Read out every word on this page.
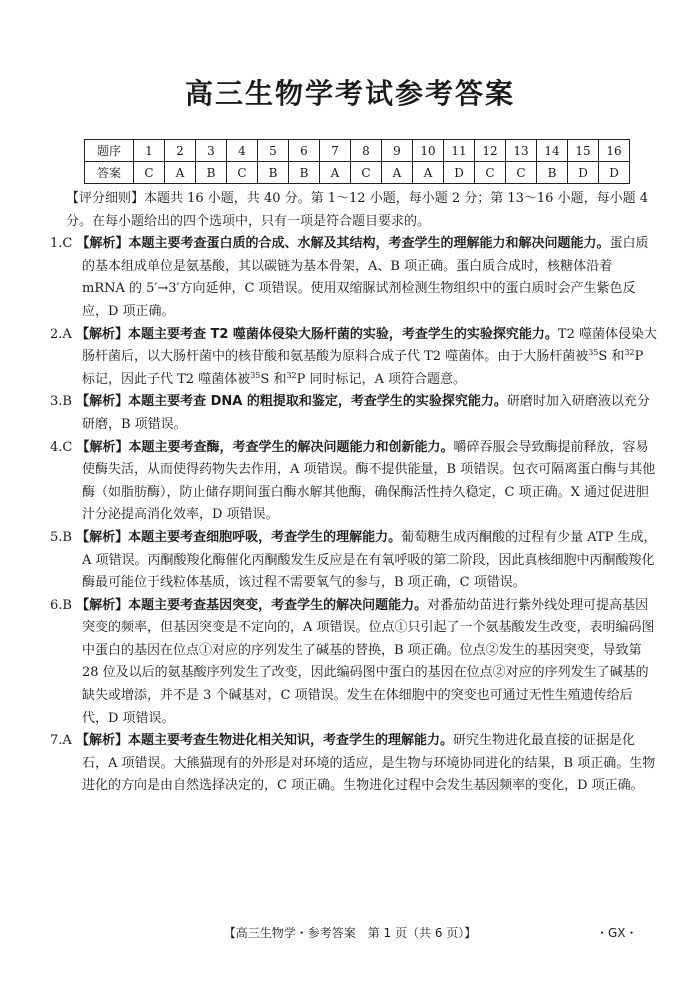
高三生物学考试参考答案
题序	1	2	3	4	5	6	7	8	9	10	11	12	13	14	15	16
答案	C	A	B	C	B	B	A	C	A	A	D	C	C	B	D	D

【评分细则】本题共 16 小题，共 40 分。第 1～12 小题，每小题 2 分；第 13～16 小题，每小题 4 分。在每小题给出的四个选项中，只有一项是符合题目要求的。

1.C 【解析】本题主要考查蛋白质的合成、水解及其结构，考查学生的理解能力和解决问题能力。蛋白质的基本组成单位是氨基酸，其以碳链为基本骨架，A、B 项正确。蛋白质合成时，核糖体沿着 mRNA 的 5′→3′方向延伸，C 项错误。使用双缩脲试剂检测生物组织中的蛋白质时会产生紫色反应，D 项正确。

2.A 【解析】本题主要考查 T2 噬菌体侵染大肠杆菌的实验，考查学生的实验探究能力。T2 噬菌体侵染大肠杆菌后，以大肠杆菌中的核苷酸和氨基酸为原料合成子代 T2 噬菌体。由于大肠杆菌被$^{35}$S 和$^{32}$P 标记，因此子代 T2 噬菌体被$^{35}$S 和$^{32}$P 同时标记，A 项符合题意。

3.B 【解析】本题主要考查 DNA 的粗提取和鉴定，考查学生的实验探究能力。研磨时加入研磨液以充分研磨，B 项错误。

4.C 【解析】本题主要考查酶，考查学生的解决问题能力和创新能力。嚼碎吞服会导致酶提前释放，容易使酶失活，从而使得药物失去作用，A 项错误。酶不提供能量，B 项错误。包衣可隔离蛋白酶与其他酶（如脂肪酶），防止储存期间蛋白酶水解其他酶，确保酶活性持久稳定，C 项正确。X 通过促进胆汁分泌提高消化效率，D 项错误。

5.B 【解析】本题主要考查细胞呼吸，考查学生的理解能力。葡萄糖生成丙酮酸的过程有少量 ATP 生成，A 项错误。丙酮酸羧化酶催化丙酮酸发生反应是在有氧呼吸的第二阶段，因此真核细胞中丙酮酸羧化酶最可能位于线粒体基质，该过程不需要氧气的参与，B 项正确，C 项错误。

6.B 【解析】本题主要考查基因突变，考查学生的解决问题能力。对番茄幼苗进行紫外线处理可提高基因突变的频率，但基因突变是不定向的，A 项错误。位点①只引起了一个氨基酸发生改变，表明编码图中蛋白的基因在位点①对应的序列发生了碱基的替换，B 项正确。位点②发生的基因突变，导致第 28 位及以后的氨基酸序列发生了改变，因此编码图中蛋白的基因在位点②对应的序列发生了碱基的缺失或增添，并不是 3 个碱基对，C 项错误。发生在体细胞中的突变也可通过无性生殖遗传给后代，D 项错误。

7.A 【解析】本题主要考查生物进化相关知识，考查学生的理解能力。研究生物进化最直接的证据是化石，A 项错误。大熊猫现有的外形是对环境的适应，是生物与环境协同进化的结果，B 项正确。生物进化的方向是由自然选择决定的，C 项正确。生物进化过程中会发生基因频率的变化，D 项正确。

【高三生物学・参考答案　第 1 页（共 6 页）】	・GX・
